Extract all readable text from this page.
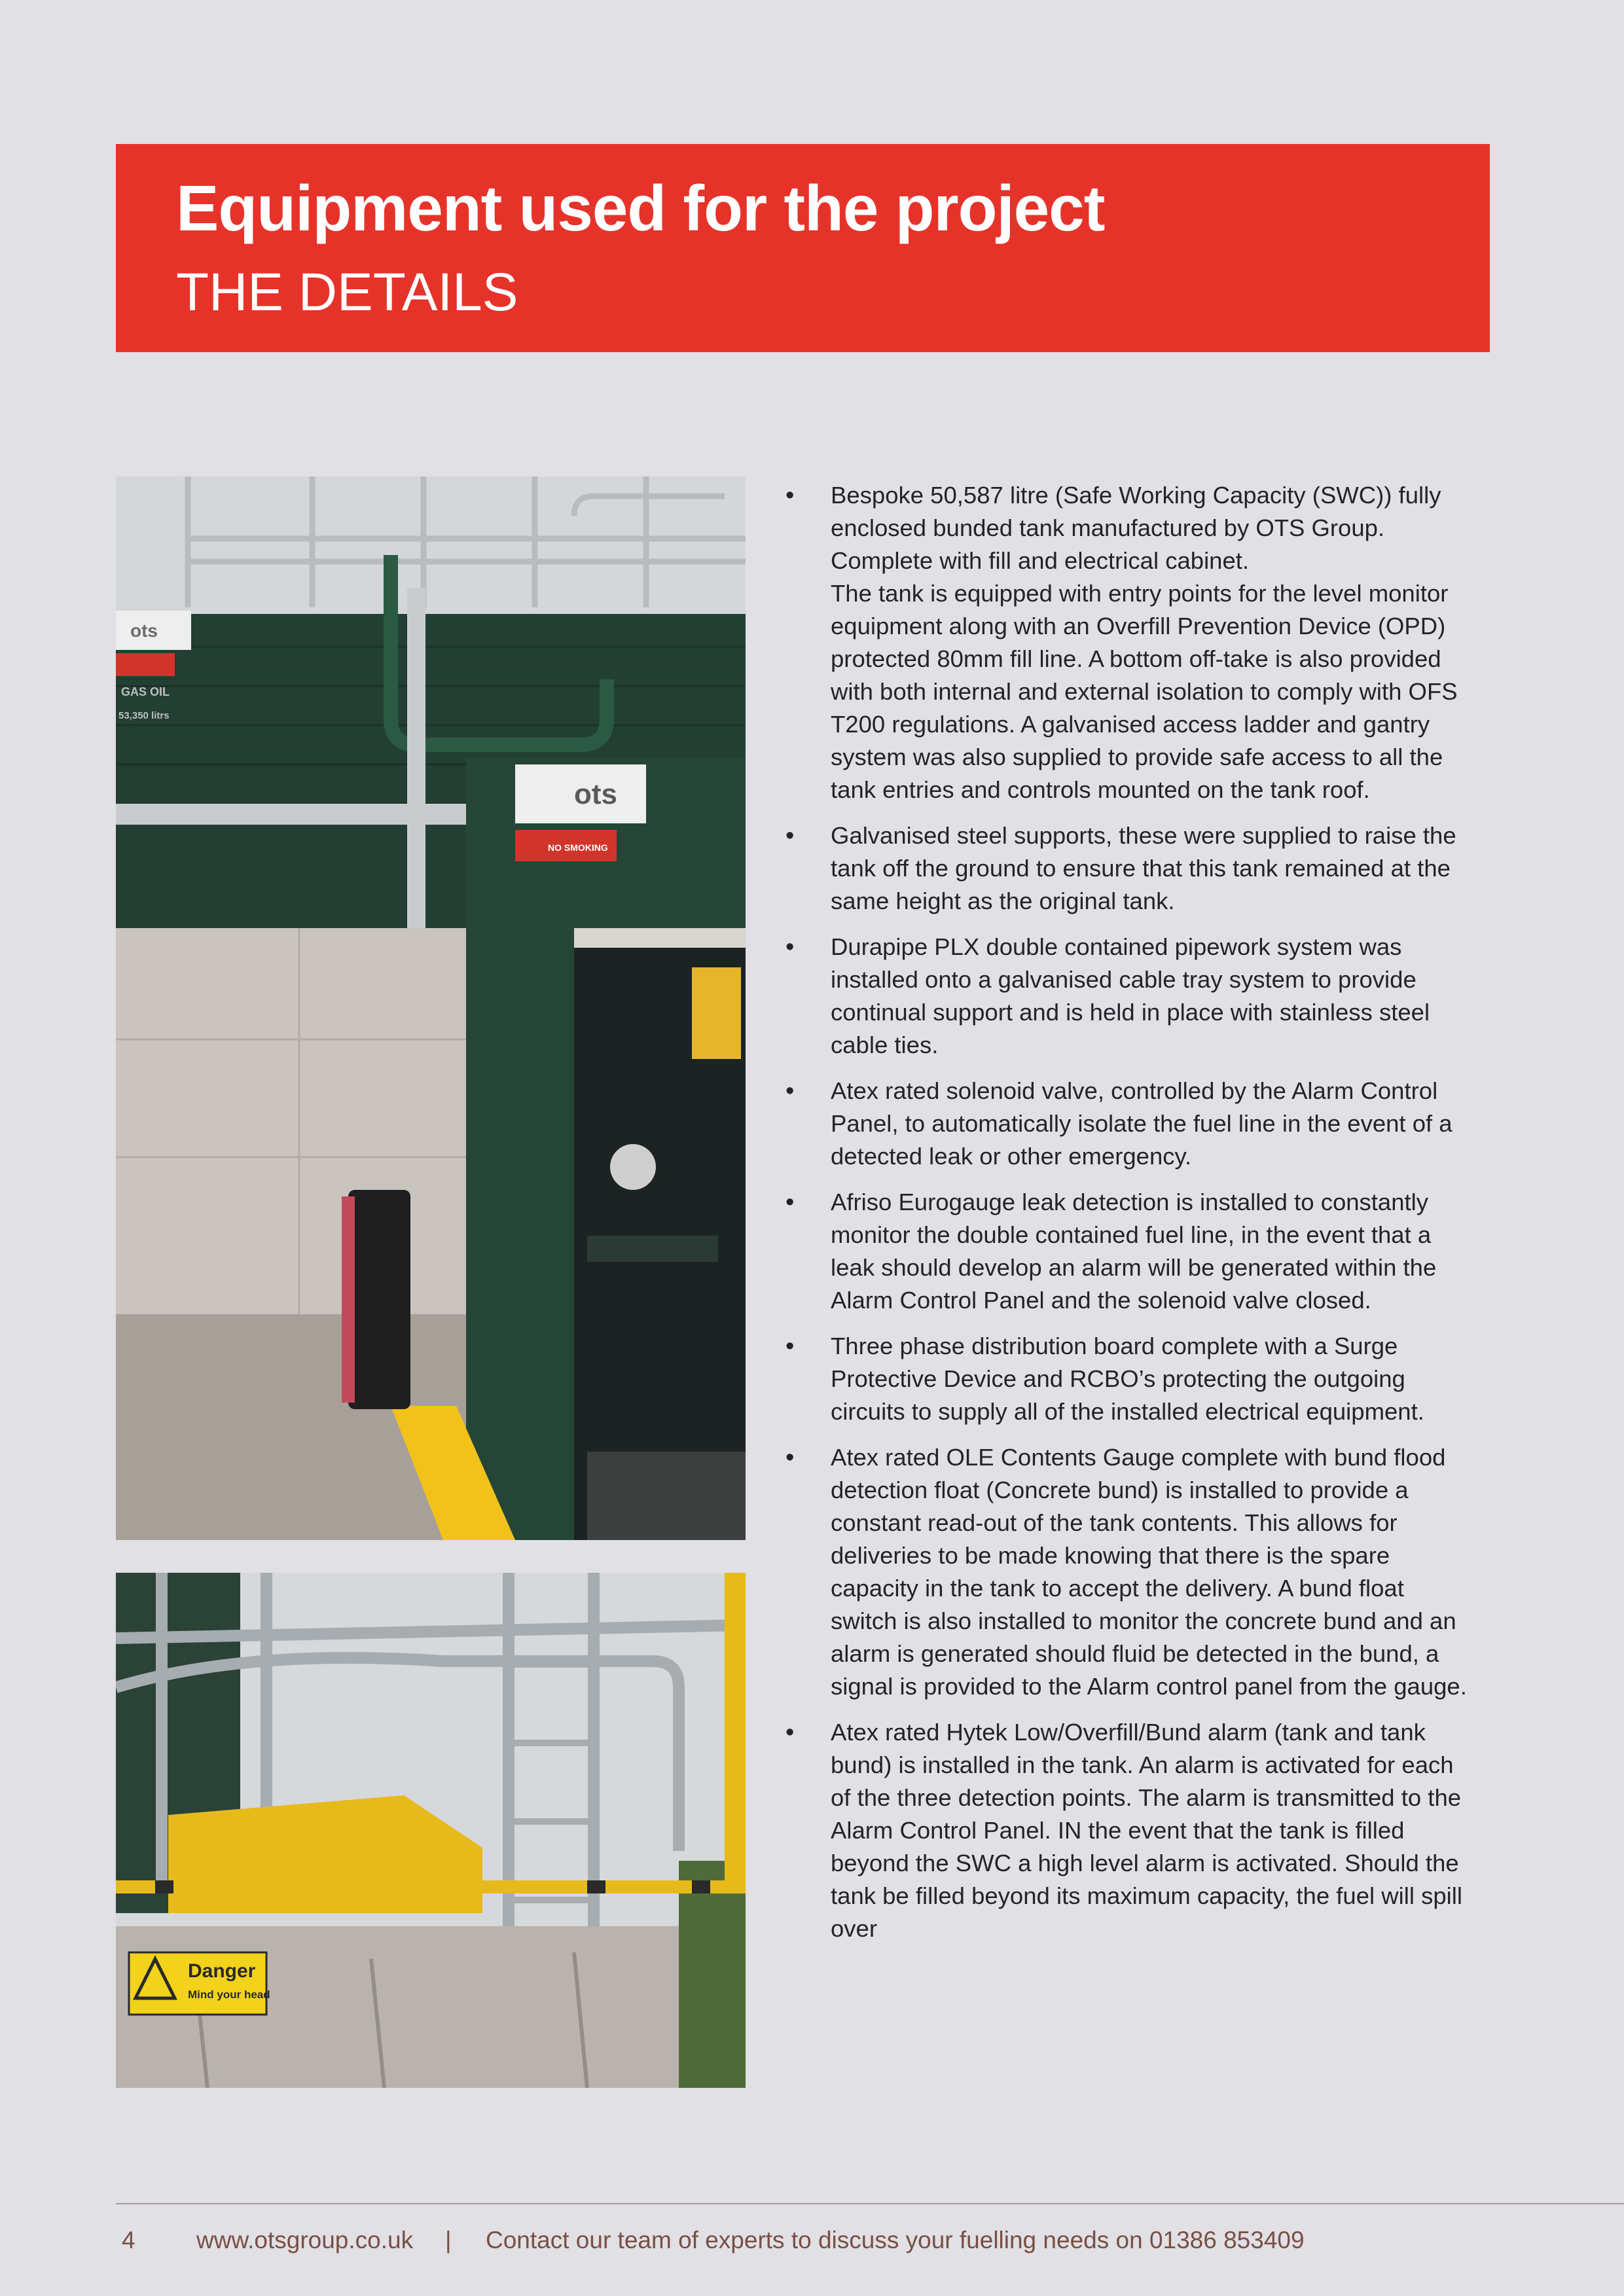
Equipment used for the project
THE DETAILS
ots
ots
NO SMOKING
GAS OIL
53,350 litrs
Danger
Mind your head
• Bespoke 50,587 litre (Safe Working Capacity (SWC)) fully enclosed bunded tank manufactured by OTS Group. Complete with fill and electrical cabinet.

The tank is equipped with entry points for the level monitor equipment along with an Overfill Prevention Device (OPD) protected 80mm fill line. A bottom off-take is also provided with both internal and external isolation to comply with OFS T200 regulations. A galvanised access ladder and gantry system was also supplied to provide safe access to all the tank entries and controls mounted on the tank roof.

• Galvanised steel supports, these were supplied to raise the tank off the ground to ensure that this tank remained at the same height as the original tank.

• Durapipe PLX double contained pipework system was installed onto a galvanised cable tray system to provide continual support and is held in place with stainless steel cable ties.

• Atex rated solenoid valve, controlled by the Alarm Control Panel, to automatically isolate the fuel line in the event of a detected leak or other emergency.

• Afriso Eurogauge leak detection is installed to constantly monitor the double contained fuel line, in the event that a leak should develop an alarm will be generated within the Alarm Control Panel and the solenoid valve closed.

• Three phase distribution board complete with a Surge Protective Device and RCBO’s protecting the outgoing circuits to supply all of the installed electrical equipment.

• Atex rated OLE Contents Gauge complete with bund flood detection float (Concrete bund) is installed to provide a constant read-out of the tank contents. This allows for deliveries to be made knowing that there is the spare capacity in the tank to accept the delivery. A bund float switch is also installed to monitor the concrete bund and an alarm is generated should fluid be detected in the bund, a signal is provided to the Alarm control panel from the gauge.

• Atex rated Hytek Low/Overfill/Bund alarm (tank and tank bund) is installed in the tank. An alarm is activated for each of the three detection points. The alarm is transmitted to the Alarm Control Panel. IN the event that the tank is filled beyond the SWC a high level alarm is activated. Should the tank be filled beyond its maximum capacity, the fuel will spill over

4	www.otsgroup.co.uk | Contact our team of experts to discuss your fuelling needs on 01386 853409
